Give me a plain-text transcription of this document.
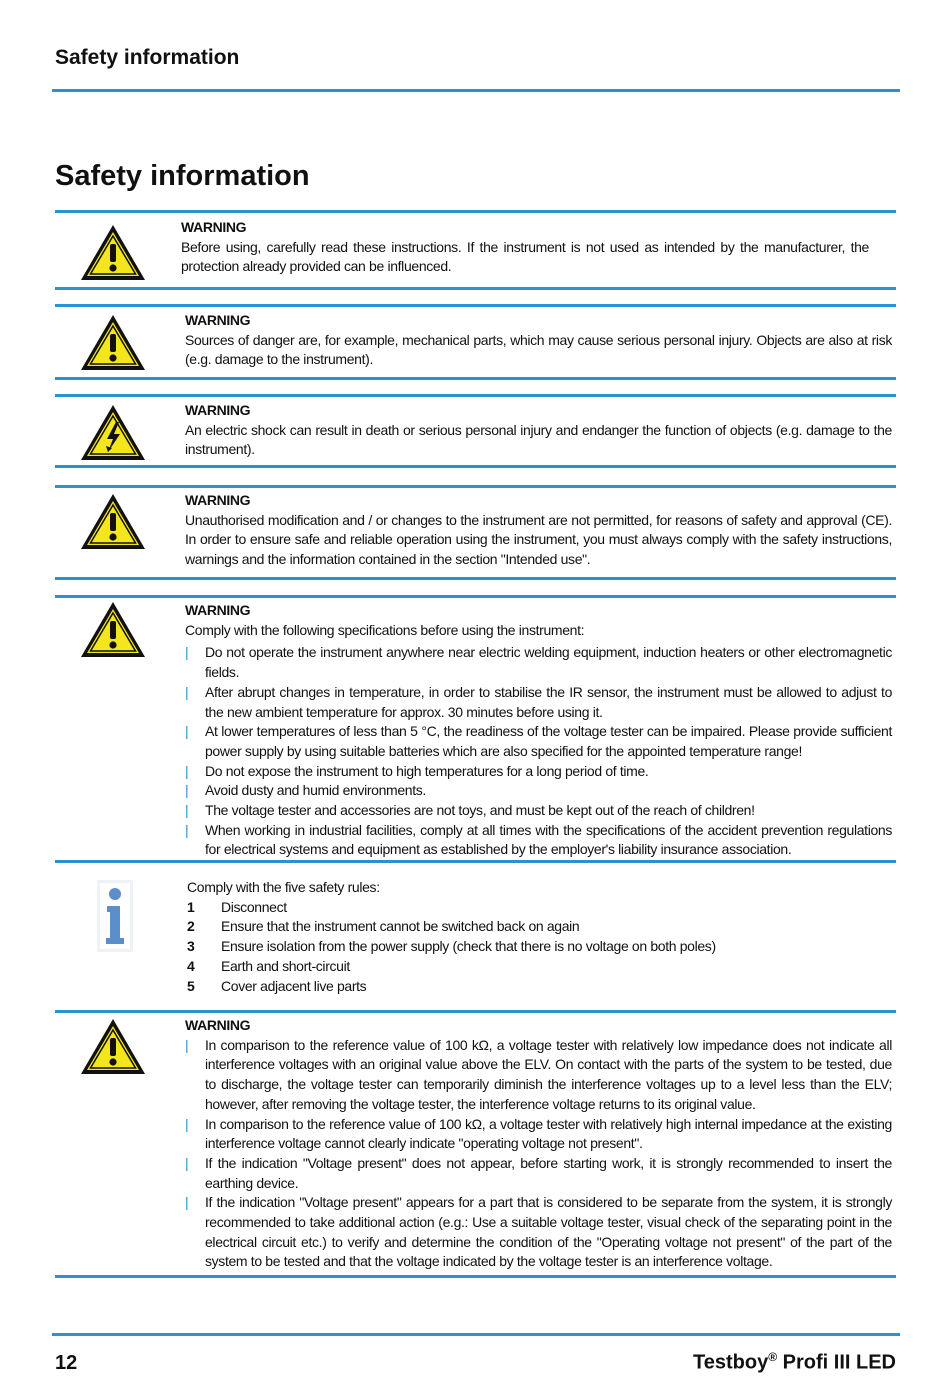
Safety information
Safety information
WARNING

Before using, carefully read these instructions. If the instrument is not used as intended by the manufacturer, the protection already provided can be influenced.

WARNING

Sources of danger are, for example, mechanical parts, which may cause serious personal injury. Objects are also at risk (e.g. damage to the instrument).

WARNING

An electric shock can result in death or serious personal injury and endanger the function of objects (e.g. damage to the instrument).

WARNING

Unauthorised modification and / or changes to the instrument are not permitted, for reasons of safety and approval (CE). In order to ensure safe and reliable operation using the instrument, you must always comply with the safety instructions, warnings and the information contained in the section "Intended use".

WARNING

Comply with the following specifications before using the instrument:

| Do not operate the instrument anywhere near electric welding equipment, induction heaters or other electromagnetic fields.
| After abrupt changes in temperature, in order to stabilise the IR sensor, the instrument must be allowed to adjust to the new ambient temperature for approx. 30 minutes before using it.
| At lower temperatures of less than 5 °C, the readiness of the voltage tester can be impaired. Please provide sufficient power supply by using suitable batteries which are also specified for the appointed temperature range!
| Do not expose the instrument to high temperatures for a long period of time.
| Avoid dusty and humid environments.
| The voltage tester and accessories are not toys, and must be kept out of the reach of children!
| When working in industrial facilities, comply at all times with the specifications of the accident prevention regulations for electrical systems and equipment as established by the employer's liability insurance association.

Comply with the five safety rules:

1	Disconnect
2	Ensure that the instrument cannot be switched back on again
3	Ensure isolation from the power supply (check that there is no voltage on both poles)
4	Earth and short-circuit
5	Cover adjacent live parts
WARNING
| In comparison to the reference value of 100 kΩ, a voltage tester with relatively low impedance does not indicate all interference voltages with an original value above the ELV. On contact with the parts of the system to be tested, due to discharge, the voltage tester can temporarily diminish the interference voltages up to a level less than the ELV; however, after removing the voltage tester, the interference voltage returns to its original value.
| In comparison to the reference value of 100 kΩ, a voltage tester with relatively high internal impedance at the existing interference voltage cannot clearly indicate "operating voltage not present".
| If the indication "Voltage present" does not appear, before starting work, it is strongly recommended to insert the earthing device.
| If the indication "Voltage present" appears for a part that is considered to be separate from the system, it is strongly recommended to take additional action (e.g.: Use a suitable voltage tester, visual check of the separating point in the electrical circuit etc.) to verify and determine the condition of the "Operating voltage not present" of the part of the system to be tested and that the voltage indicated by the voltage tester is an interference voltage.
12	Testboy® Profi III LED
